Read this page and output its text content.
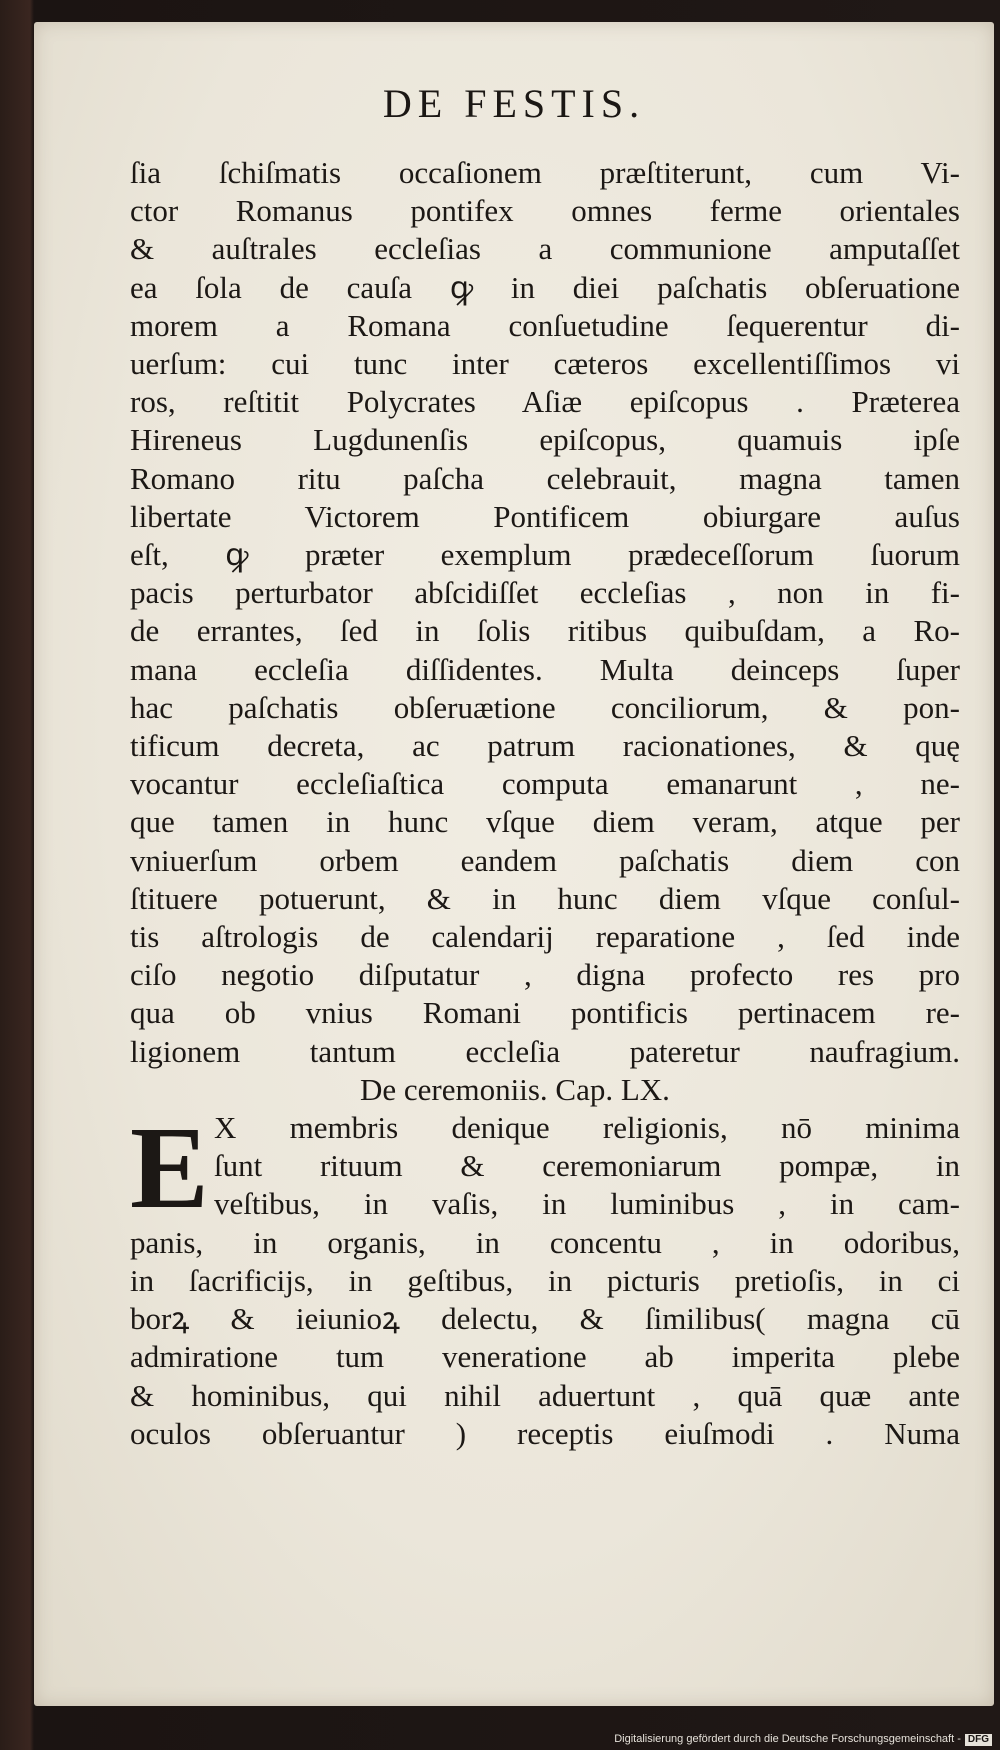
DE FESTIS.
ſia ſchiſmatis occaſionem præſtiterunt, cum Vi-
ctor Romanus pontifex omnes ferme orientales
& auſtrales eccleſias a communione amputaſſet
ea ſola de cauſa ꝙ in diei paſchatis obſeruatione
morem a Romana conſuetudine ſequerentur di-
uerſum: cui tunc inter cæteros excellentiſſimos vi
ros, reſtitit Polycrates Aſiæ epiſcopus . Præterea
Hireneus Lugdunenſis epiſcopus, quamuis ipſe
Romano ritu paſcha celebrauit, magna tamen
libertate Victorem Pontificem obiurgare auſus
eſt, ꝙ præter exemplum prædeceſſorum ſuorum
pacis perturbator abſcidiſſet eccleſias , non in fi-
de errantes, ſed in ſolis ritibus quibuſdam, a Ro-
mana eccleſia diſſidentes. Multa deinceps ſuper
hac paſchatis obſeruætione conciliorum, & pon-
tificum decreta, ac patrum racionationes, & quę
vocantur eccleſiaſtica computa emanarunt , ne-
que tamen in hunc vſque diem veram, atque per
vniuerſum orbem eandem paſchatis diem con
ſtituere potuerunt, & in hunc diem vſque conſul-
tis aſtrologis de calendarij reparatione , ſed inde
ciſo negotio diſputatur , digna profecto res pro
qua ob vnius Romani pontificis pertinacem re-
ligionem tantum eccleſia pateretur naufragium.
De ceremoniis. Cap. LX.
E X membris denique religionis, nō minima
ſunt rituum & ceremoniarum pompæ, in
veſtibus, in vaſis, in luminibus , in cam-
panis, in organis, in concentu , in odoribus,
in ſacrificijs, in geſtibus, in picturis pretioſis, in ci
borꝝ & ieiunioꝝ delectu, & ſimilibus( magna cū
admiratione tum veneratione ab imperita plebe
& hominibus, qui nihil aduertunt , quā quæ ante
oculos obſeruantur ) receptis eiuſmodi . Numa
Digitalisierung gefördert durch die Deutsche Forschungsgemeinschaft - DFG
